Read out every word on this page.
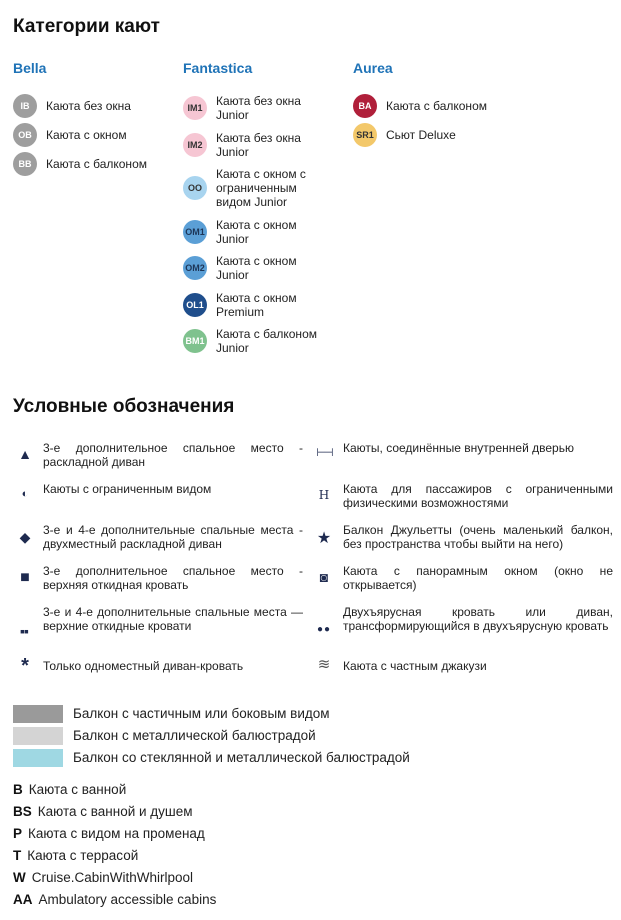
Категории кают
Bella
IB	Каюта без окна
OB	Каюта с окном
BB	Каюта с балконом
Fantastica
IM1	Каюта без окна
Junior
IM2	Каюта без окна
Junior
OO
Каюта с окном с
ограниченным
видом Junior
OM1 Каюта с окном
Junior
OM2 Каюта с окном
Junior
OL1 Каюта с окном
Premium
BM1 Каюта с балконом
Junior
Aurea
BA	Каюта с балконом
SR1 Сьют Deluxe
Условные обозначения
▲ 3-е дополнительное спальное место - раскладной диван
◐	Каюты с ограниченным видом
◆	3-е и 4-е дополнительные спальные места - двухместный раскладной диван
■	3-е дополнительное спальное место - верхняя откидная кровать
▪▪
3-е и 4-е дополнительные спальные места — верхние откидные кровати
*	Только одноместный диван-кровать
⊢⊣ Каюты, соединённые внутренней дверью
H	Каюта для пассажиров с ограниченными физическими возможностями
★ Балкон Джульетты (очень маленький балкон, без пространства чтобы выйти на него)
◙	Каюта с панорамным окном (окно не открывается)
●●
Двухъярусная кровать или диван, трансформирующийся в двухъярусную кровать
≋	Каюта с частным джакузи
Балкон с частичным или боковым видом
Балкон с металлической балюстрадой
Балкон со стеклянной и металлической балюстрадой
B Каюта с ванной
BS Каюта с ванной и душем
P Каюта с видом на променад
T Каюта с террасой
W Cruise.CabinWithWhirlpool
AA Ambulatory accessible cabins
